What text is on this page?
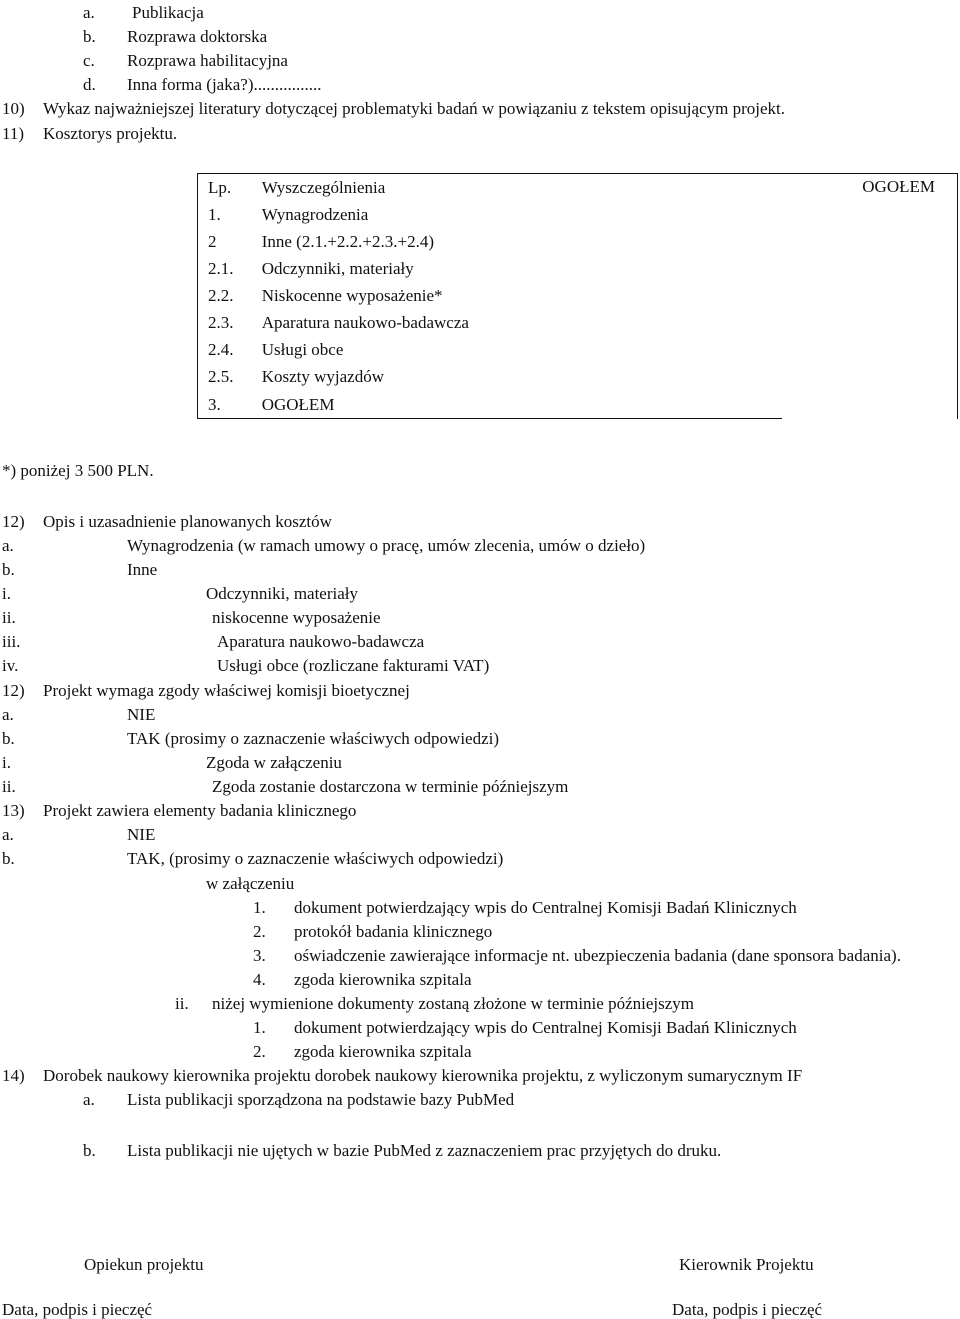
a. Publikacja
b. Rozprawa doktorska
c. Rozprawa habilitacyjna
d. Inna forma (jaka?)................
10) Wykaz najważniejszej literatury dotyczącej problematyki badań w powiązaniu z tekstem opisującym projekt.
11) Kosztorys projektu.
Lp.	Wyszczególnienia	OGOŁEM
1.	Wynagrodzenia	
2	Inne (2.1.+2.2.+2.3.+2.4)	
2.1.	Odczynniki, materiały	
2.2.	Niskocenne wyposażenie*	
2.3.	Aparatura naukowo-badawcza	
2.4.	Usługi obce	
2.5.	Koszty wyjazdów	
3.	OGOŁEM	
*) poniżej 3 500 PLN.
12) Opis i uzasadnienie planowanych kosztów
a.	Wynagrodzenia (w ramach umowy o pracę, umów zlecenia, umów o dzieło)
b.	Inne
i.	Odczynniki, materiały
ii.	niskocenne wyposażenie
iii.	Aparatura naukowo-badawcza
iv.	Usługi obce (rozliczane fakturami VAT)
12) Projekt wymaga zgody właściwej komisji bioetycznej
a.	NIE
b.	TAK (prosimy o zaznaczenie właściwych odpowiedzi)
i.	Zgoda w załączeniu
ii.	Zgoda zostanie dostarczona w terminie późniejszym
13) Projekt zawiera elementy badania klinicznego
a.	NIE
b.	TAK, (prosimy o zaznaczenie właściwych odpowiedzi)
w załączeniu
1. dokument potwierdzający wpis do Centralnej Komisji Badań Klinicznych
2. protokół badania klinicznego
3. oświadczenie zawierające informacje nt. ubezpieczenia badania (dane sponsora badania).
4. zgoda kierownika szpitala
ii. niżej wymienione dokumenty zostaną złożone w terminie późniejszym
1. dokument potwierdzający wpis do Centralnej Komisji Badań Klinicznych
2. zgoda kierownika szpitala
14) Dorobek naukowy kierownika projektu dorobek naukowy kierownika projektu, z wyliczonym sumarycznym IF
a. Lista publikacji sporządzona na podstawie bazy PubMed
b. Lista publikacji nie ujętych w bazie PubMed z zaznaczeniem prac przyjętych do druku.
Opiekun projektu	Kierownik Projektu
Data, podpis i pieczęć	Data, podpis i pieczęć
